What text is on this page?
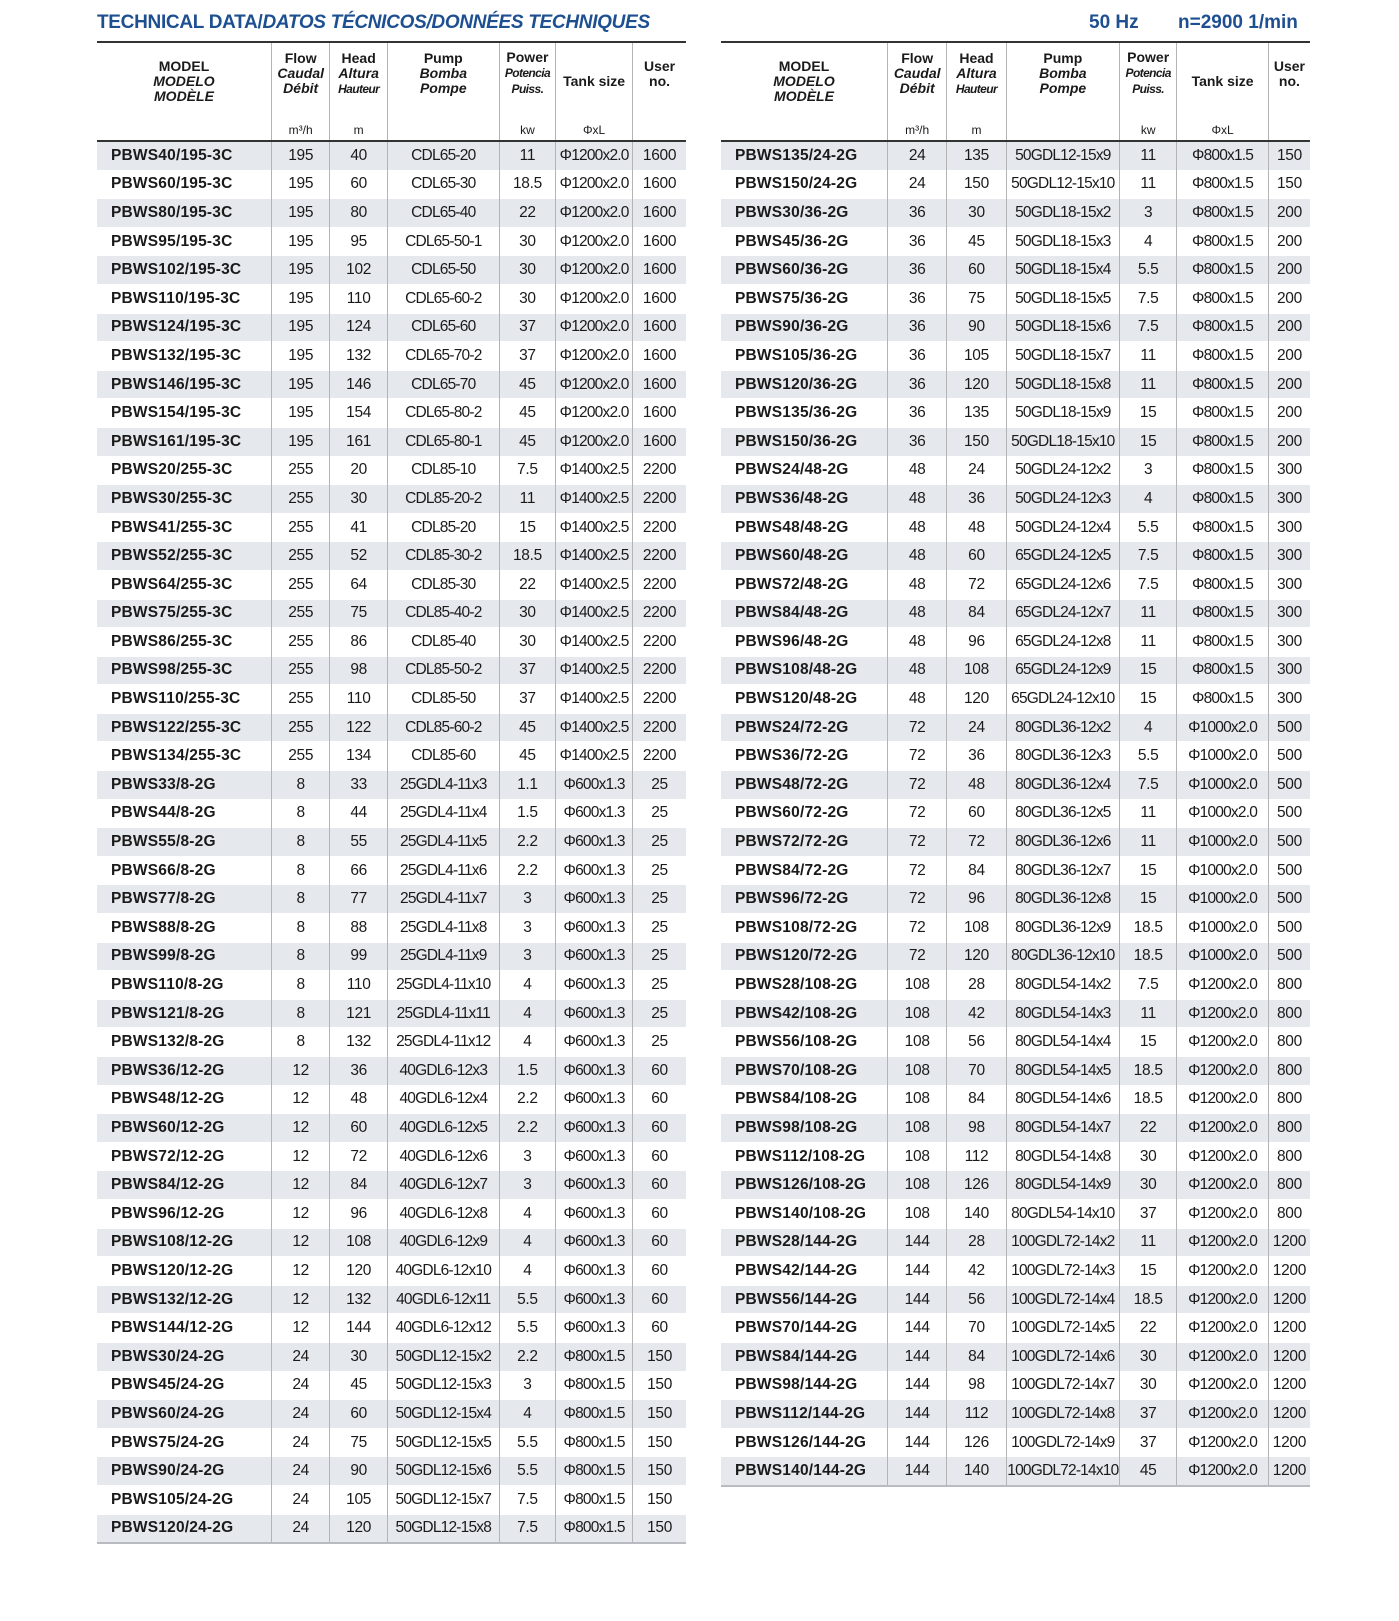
TECHNICAL DATA/DATOS TÉCNICOS/DONNÉES TECHNIQUES	50 Hz n=2900 1/min
MODEL
MODELO
MODÈLE	Flow
Caudal
Débit	Head
Altura
Hauteur	Pump
Bomba
Pompe	Power
Potencia
Puiss.	Tank size	User
no.

	m³/h	m		kw	ΦxL	
PBWS40/195-3C	195	40	CDL65-20	11	Φ1200x2.0	1600
PBWS60/195-3C	195	60	CDL65-30	18.5	Φ1200x2.0	1600
PBWS80/195-3C	195	80	CDL65-40	22	Φ1200x2.0	1600
PBWS95/195-3C	195	95	CDL65-50-1	30	Φ1200x2.0	1600
PBWS102/195-3C	195	102	CDL65-50	30	Φ1200x2.0	1600
PBWS110/195-3C	195	110	CDL65-60-2	30	Φ1200x2.0	1600
PBWS124/195-3C	195	124	CDL65-60	37	Φ1200x2.0	1600
PBWS132/195-3C	195	132	CDL65-70-2	37	Φ1200x2.0	1600
PBWS146/195-3C	195	146	CDL65-70	45	Φ1200x2.0	1600
PBWS154/195-3C	195	154	CDL65-80-2	45	Φ1200x2.0	1600
PBWS161/195-3C	195	161	CDL65-80-1	45	Φ1200x2.0	1600
PBWS20/255-3C	255	20	CDL85-10	7.5	Φ1400x2.5	2200
PBWS30/255-3C	255	30	CDL85-20-2	11	Φ1400x2.5	2200
PBWS41/255-3C	255	41	CDL85-20	15	Φ1400x2.5	2200
PBWS52/255-3C	255	52	CDL85-30-2	18.5	Φ1400x2.5	2200
PBWS64/255-3C	255	64	CDL85-30	22	Φ1400x2.5	2200
PBWS75/255-3C	255	75	CDL85-40-2	30	Φ1400x2.5	2200
PBWS86/255-3C	255	86	CDL85-40	30	Φ1400x2.5	2200
PBWS98/255-3C	255	98	CDL85-50-2	37	Φ1400x2.5	2200
PBWS110/255-3C	255	110	CDL85-50	37	Φ1400x2.5	2200
PBWS122/255-3C	255	122	CDL85-60-2	45	Φ1400x2.5	2200
PBWS134/255-3C	255	134	CDL85-60	45	Φ1400x2.5	2200
PBWS33/8-2G	8	33	25GDL4-11x3	1.1	Φ600x1.3	25
PBWS44/8-2G	8	44	25GDL4-11x4	1.5	Φ600x1.3	25
PBWS55/8-2G	8	55	25GDL4-11x5	2.2	Φ600x1.3	25
PBWS66/8-2G	8	66	25GDL4-11x6	2.2	Φ600x1.3	25
PBWS77/8-2G	8	77	25GDL4-11x7	3	Φ600x1.3	25
PBWS88/8-2G	8	88	25GDL4-11x8	3	Φ600x1.3	25
PBWS99/8-2G	8	99	25GDL4-11x9	3	Φ600x1.3	25
PBWS110/8-2G	8	110	25GDL4-11x10	4	Φ600x1.3	25
PBWS121/8-2G	8	121	25GDL4-11x11	4	Φ600x1.3	25
PBWS132/8-2G	8	132	25GDL4-11x12	4	Φ600x1.3	25
PBWS36/12-2G	12	36	40GDL6-12x3	1.5	Φ600x1.3	60
PBWS48/12-2G	12	48	40GDL6-12x4	2.2	Φ600x1.3	60
PBWS60/12-2G	12	60	40GDL6-12x5	2.2	Φ600x1.3	60
PBWS72/12-2G	12	72	40GDL6-12x6	3	Φ600x1.3	60
PBWS84/12-2G	12	84	40GDL6-12x7	3	Φ600x1.3	60
PBWS96/12-2G	12	96	40GDL6-12x8	4	Φ600x1.3	60
PBWS108/12-2G	12	108	40GDL6-12x9	4	Φ600x1.3	60
PBWS120/12-2G	12	120	40GDL6-12x10	4	Φ600x1.3	60
PBWS132/12-2G	12	132	40GDL6-12x11	5.5	Φ600x1.3	60
PBWS144/12-2G	12	144	40GDL6-12x12	5.5	Φ600x1.3	60
PBWS30/24-2G	24	30	50GDL12-15x2	2.2	Φ800x1.5	150
PBWS45/24-2G	24	45	50GDL12-15x3	3	Φ800x1.5	150
PBWS60/24-2G	24	60	50GDL12-15x4	4	Φ800x1.5	150
PBWS75/24-2G	24	75	50GDL12-15x5	5.5	Φ800x1.5	150
PBWS90/24-2G	24	90	50GDL12-15x6	5.5	Φ800x1.5	150
PBWS105/24-2G	24	105	50GDL12-15x7	7.5	Φ800x1.5	150
PBWS120/24-2G	24	120	50GDL12-15x8	7.5	Φ800x1.5	150
MODEL
MODELO
MODÈLE	Flow
Caudal
Débit	Head
Altura
Hauteur	Pump
Bomba
Pompe	Power
Potencia
Puiss.	Tank size	User
no.

	m³/h	m		kw	ΦxL	
PBWS135/24-2G	24	135	50GDL12-15x9	11	Φ800x1.5	150
PBWS150/24-2G	24	150	50GDL12-15x10	11	Φ800x1.5	150
PBWS30/36-2G	36	30	50GDL18-15x2	3	Φ800x1.5	200
PBWS45/36-2G	36	45	50GDL18-15x3	4	Φ800x1.5	200
PBWS60/36-2G	36	60	50GDL18-15x4	5.5	Φ800x1.5	200
PBWS75/36-2G	36	75	50GDL18-15x5	7.5	Φ800x1.5	200
PBWS90/36-2G	36	90	50GDL18-15x6	7.5	Φ800x1.5	200
PBWS105/36-2G	36	105	50GDL18-15x7	11	Φ800x1.5	200
PBWS120/36-2G	36	120	50GDL18-15x8	11	Φ800x1.5	200
PBWS135/36-2G	36	135	50GDL18-15x9	15	Φ800x1.5	200
PBWS150/36-2G	36	150	50GDL18-15x10	15	Φ800x1.5	200
PBWS24/48-2G	48	24	50GDL24-12x2	3	Φ800x1.5	300
PBWS36/48-2G	48	36	50GDL24-12x3	4	Φ800x1.5	300
PBWS48/48-2G	48	48	50GDL24-12x4	5.5	Φ800x1.5	300
PBWS60/48-2G	48	60	65GDL24-12x5	7.5	Φ800x1.5	300
PBWS72/48-2G	48	72	65GDL24-12x6	7.5	Φ800x1.5	300
PBWS84/48-2G	48	84	65GDL24-12x7	11	Φ800x1.5	300
PBWS96/48-2G	48	96	65GDL24-12x8	11	Φ800x1.5	300
PBWS108/48-2G	48	108	65GDL24-12x9	15	Φ800x1.5	300
PBWS120/48-2G	48	120	65GDL24-12x10	15	Φ800x1.5	300
PBWS24/72-2G	72	24	80GDL36-12x2	4	Φ1000x2.0	500
PBWS36/72-2G	72	36	80GDL36-12x3	5.5	Φ1000x2.0	500
PBWS48/72-2G	72	48	80GDL36-12x4	7.5	Φ1000x2.0	500
PBWS60/72-2G	72	60	80GDL36-12x5	11	Φ1000x2.0	500
PBWS72/72-2G	72	72	80GDL36-12x6	11	Φ1000x2.0	500
PBWS84/72-2G	72	84	80GDL36-12x7	15	Φ1000x2.0	500
PBWS96/72-2G	72	96	80GDL36-12x8	15	Φ1000x2.0	500
PBWS108/72-2G	72	108	80GDL36-12x9	18.5	Φ1000x2.0	500
PBWS120/72-2G	72	120	80GDL36-12x10	18.5	Φ1000x2.0	500
PBWS28/108-2G	108	28	80GDL54-14x2	7.5	Φ1200x2.0	800
PBWS42/108-2G	108	42	80GDL54-14x3	11	Φ1200x2.0	800
PBWS56/108-2G	108	56	80GDL54-14x4	15	Φ1200x2.0	800
PBWS70/108-2G	108	70	80GDL54-14x5	18.5	Φ1200x2.0	800
PBWS84/108-2G	108	84	80GDL54-14x6	18.5	Φ1200x2.0	800
PBWS98/108-2G	108	98	80GDL54-14x7	22	Φ1200x2.0	800
PBWS112/108-2G	108	112	80GDL54-14x8	30	Φ1200x2.0	800
PBWS126/108-2G	108	126	80GDL54-14x9	30	Φ1200x2.0	800
PBWS140/108-2G	108	140	80GDL54-14x10	37	Φ1200x2.0	800
PBWS28/144-2G	144	28	100GDL72-14x2	11	Φ1200x2.0	1200
PBWS42/144-2G	144	42	100GDL72-14x3	15	Φ1200x2.0	1200
PBWS56/144-2G	144	56	100GDL72-14x4	18.5	Φ1200x2.0	1200
PBWS70/144-2G	144	70	100GDL72-14x5	22	Φ1200x2.0	1200
PBWS84/144-2G	144	84	100GDL72-14x6	30	Φ1200x2.0	1200
PBWS98/144-2G	144	98	100GDL72-14x7	30	Φ1200x2.0	1200
PBWS112/144-2G	144	112	100GDL72-14x8	37	Φ1200x2.0	1200
PBWS126/144-2G	144	126	100GDL72-14x9	37	Φ1200x2.0	1200
PBWS140/144-2G	144	140	100GDL72-14x10	45	Φ1200x2.0	1200
